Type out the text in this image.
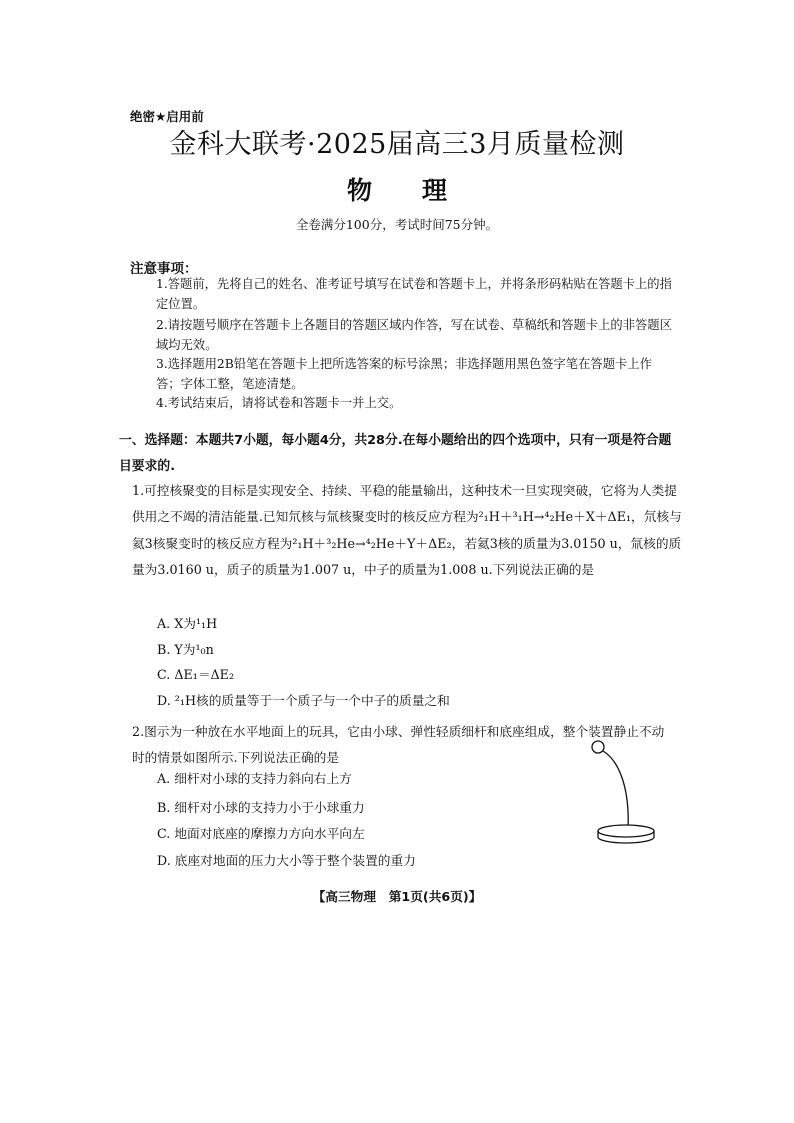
绝密★启用前
金科大联考·2025届高三3月质量检测
物　　理
全卷满分100分，考试时间75分钟。
注意事项：
1.答题前，先将自己的姓名、准考证号填写在试卷和答题卡上，并将条形码粘贴在答题卡上的指定位置。
2.请按题号顺序在答题卡上各题目的答题区域内作答，写在试卷、草稿纸和答题卡上的非答题区域均无效。
3.选择题用2B铅笔在答题卡上把所选答案的标号涂黑；非选择题用黑色签字笔在答题卡上作答；字体工整，笔迹清楚。
4.考试结束后，请将试卷和答题卡一并上交。
一、选择题：本题共7小题，每小题4分，共28分.在每小题给出的四个选项中，只有一项是符合题目要求的.
1.可控核聚变的目标是实现安全、持续、平稳的能量输出，这种技术一旦实现突破，它将为人类提供用之不竭的清洁能量.已知氘核与氚核聚变时的核反应方程为²₁H＋³₁H→⁴₂He＋X＋ΔE₁，氘核与氦3核聚变时的核反应方程为²₁H＋³₂He→⁴₂He＋Y＋ΔE₂，若氦3核的质量为3.0150 u，氚核的质量为3.0160 u，质子的质量为1.007 u，中子的质量为1.008 u.下列说法正确的是
A. X为¹₁H
B. Y为¹₀n
C. ΔE₁＝ΔE₂
D. ²₁H核的质量等于一个质子与一个中子的质量之和
2.图示为一种放在水平地面上的玩具，它由小球、弹性轻质细杆和底座组成，整个装置静止不动时的情景如图所示.下列说法正确的是
A. 细杆对小球的支持力斜向右上方
B. 细杆对小球的支持力小于小球重力
C. 地面对底座的摩擦力方向水平向左
D. 底座对地面的压力大小等于整个装置的重力
【高三物理　第1页(共6页)】
